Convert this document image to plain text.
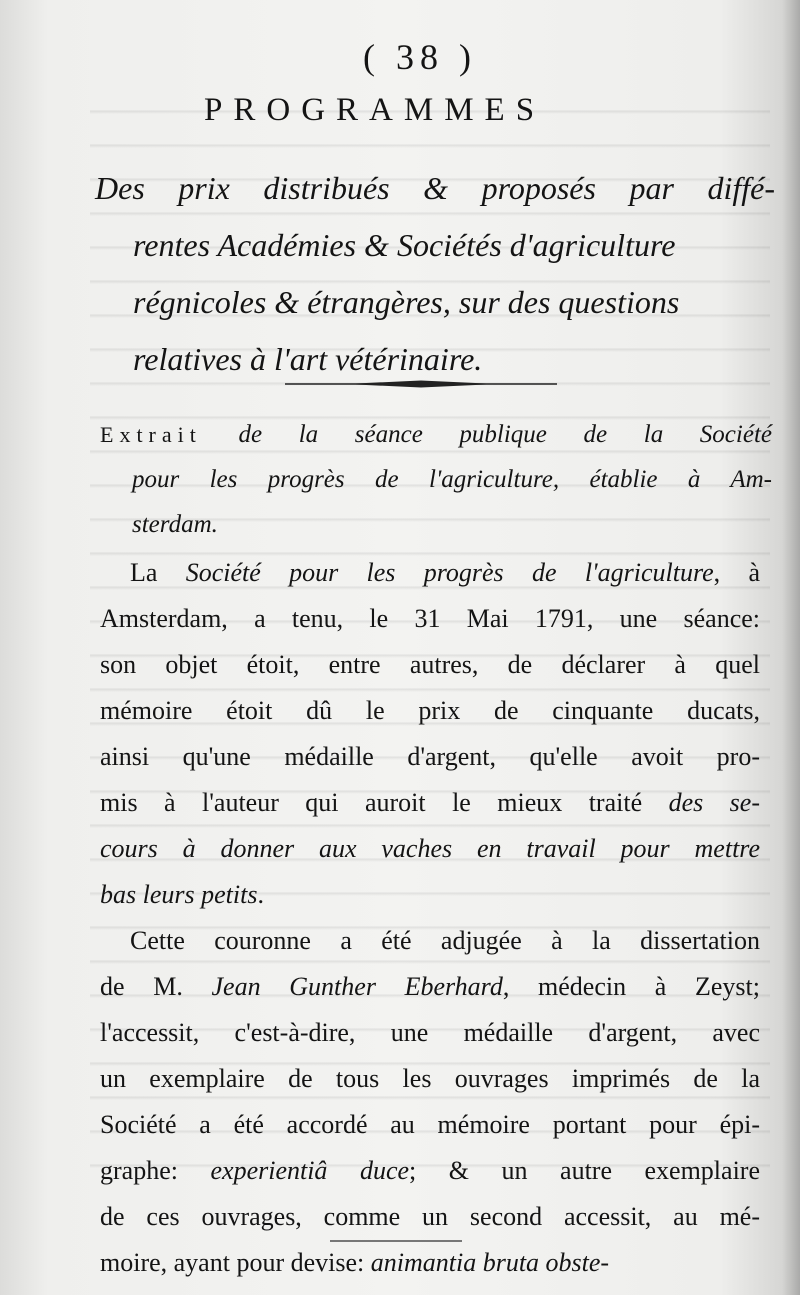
( 38 )
PROGRAMMES
Des prix distribués & proposés par diffé-
rentes Académies & Sociétés d'agriculture
régnicoles & étrangères, sur des questions
relatives à l'art vétérinaire.
Extrait de la séance publique de la Société
pour les progrès de l'agriculture, établie à Am-
sterdam.
La Société pour les progrès de l'agriculture, à
Amsterdam, a tenu, le 31 Mai 1791, une séance:
son objet étoit, entre autres, de déclarer à quel
mémoire étoit dû le prix de cinquante ducats,
ainsi qu'une médaille d'argent, qu'elle avoit pro-
mis à l'auteur qui auroit le mieux traité des se-
cours à donner aux vaches en travail pour mettre
bas leurs petits.
Cette couronne a été adjugée à la dissertation
de M. Jean Gunther Eberhard, médecin à Zeyst;
l'accessit, c'est-à-dire, une médaille d'argent, avec
un exemplaire de tous les ouvrages imprimés de la
Société a été accordé au mémoire portant pour épi-
graphe: experientiâ duce; & un autre exemplaire
de ces ouvrages, comme un second accessit, au mé-
moire, ayant pour devise: animantia bruta obste-
